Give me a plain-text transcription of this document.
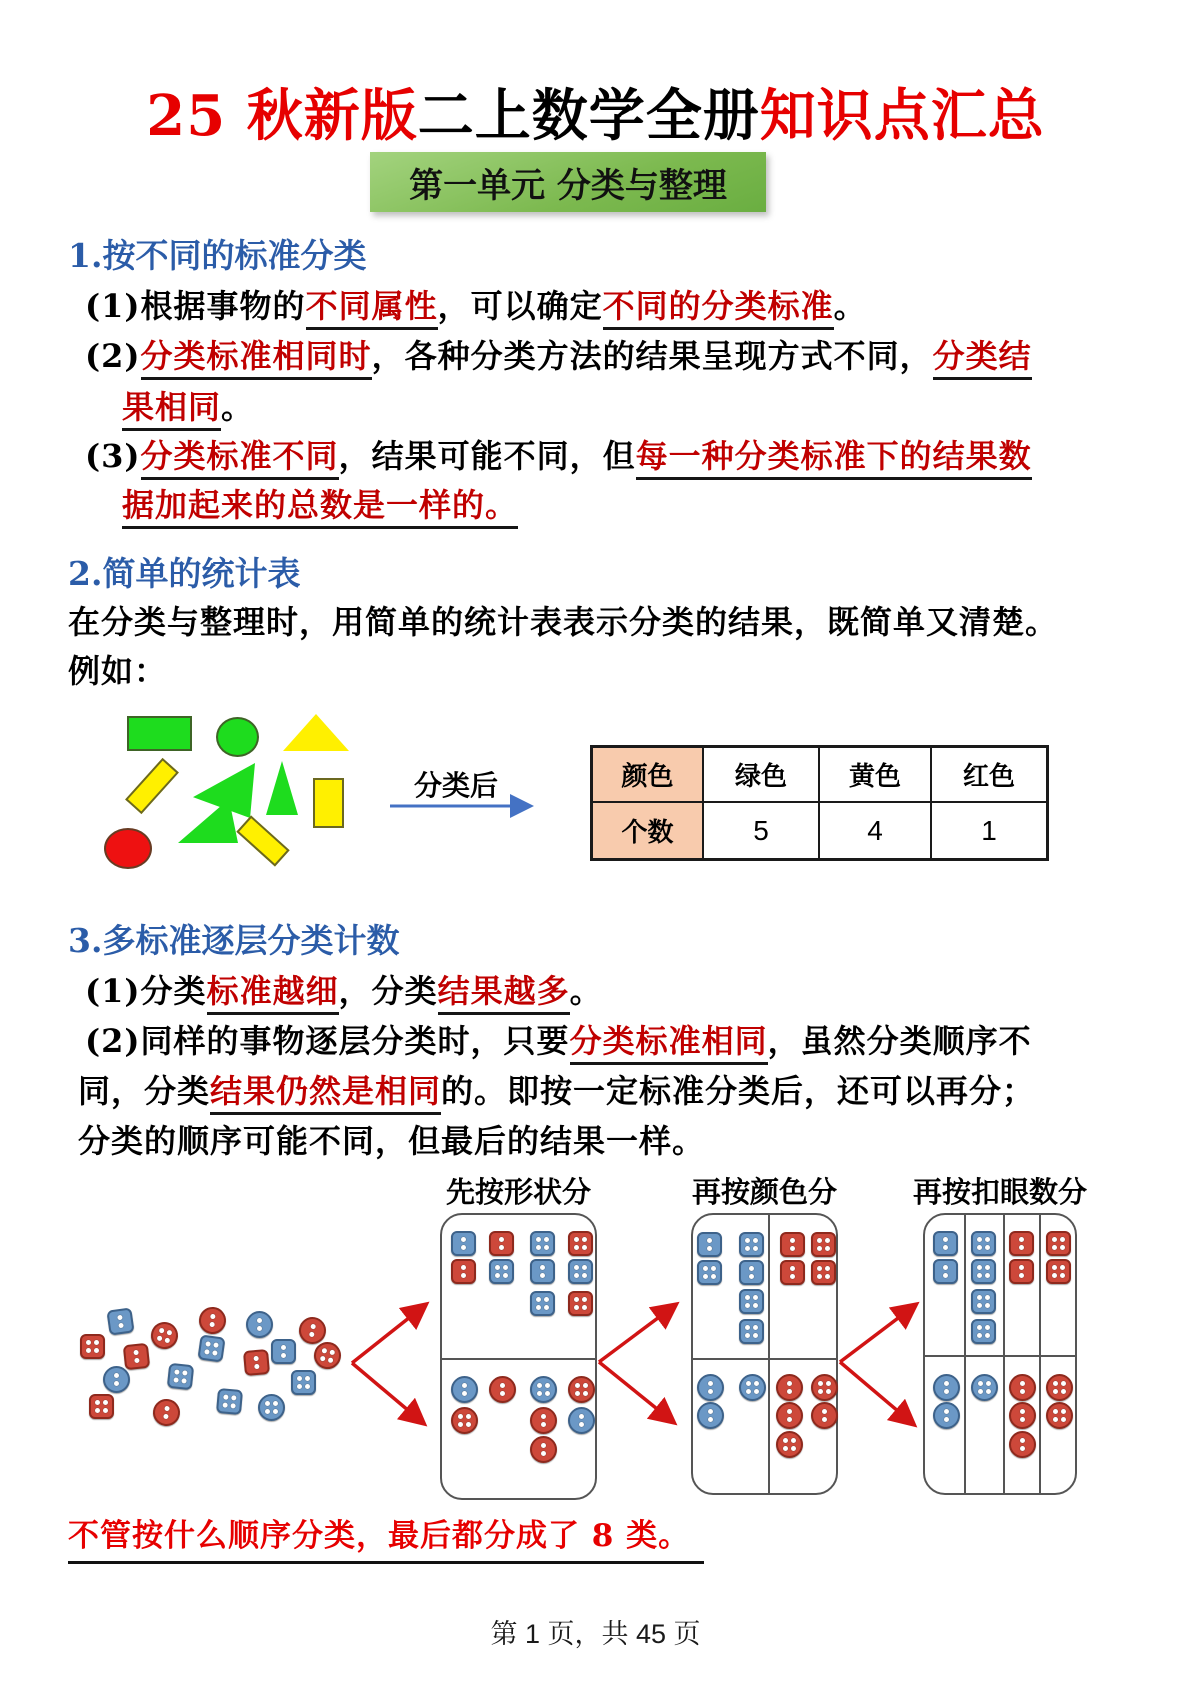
25 秋新版二上数学全册知识点汇总
第一单元 分类与整理
1.按不同的标准分类

(1)根据事物的不同属性，可以确定不同的分类标准。

(2)分类标准相同时，各种分类方法的结果呈现方式不同，分类结

果相同。

(3)分类标准不同，结果可能不同，但每一种分类标准下的结果数

据加起来的总数是一样的。

2.简单的统计表

在分类与整理时，用简单的统计表表示分类的结果，既简单又清楚。

例如：

分类后	颜色	绿色	黄色	红色
个数	5	4	1
3.多标准逐层分类计数

(1)分类标准越细，分类结果越多。

(2)同样的事物逐层分类时，只要分类标准相同，虽然分类顺序不

同，分类结果仍然是相同的。即按一定标准分类后，还可以再分；

分类的顺序可能不同，但最后的结果一样。

先按形状分	再按颜色分	再按扣眼数分

不管按什么顺序分类，最后都分成了 8 类。

第 1 页，共 45 页
